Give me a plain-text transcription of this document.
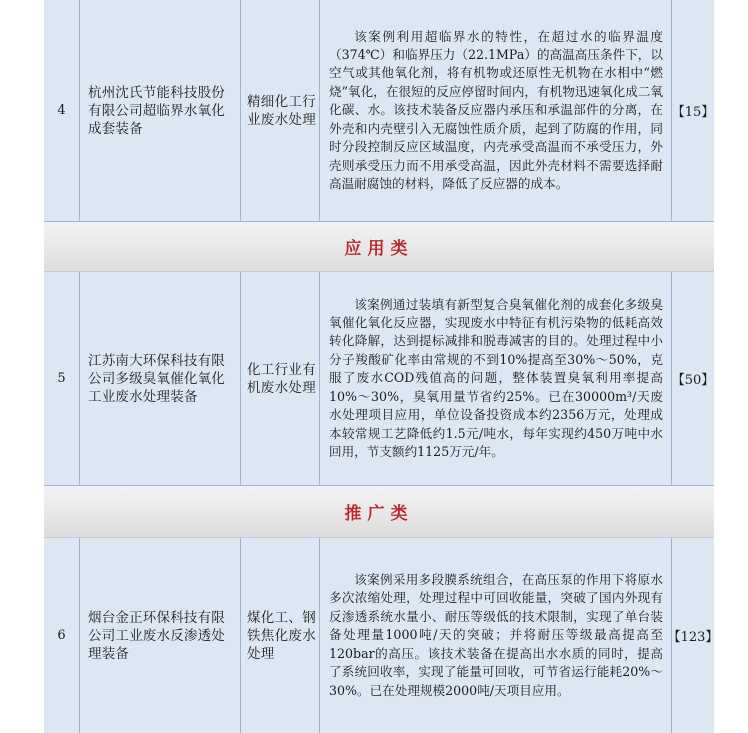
4
杭州沈氏节能科技股份有限公司超临界水氧化成套装备
精细化工行业废水处理

该案例利用超临界水的特性，在超过水的临界温度（374℃）和临界压力（22.1MPa）的高温高压条件下，以空气或其他氧化剂，将有机物或还原性无机物在水相中“燃烧”氧化，在很短的反应停留时间内，有机物迅速氧化成二氧化碳、水。该技术装备反应器内承压和承温部件的分离，在外壳和内壳壁引入无腐蚀性质介质，起到了防腐的作用，同时分段控制反应区域温度，内壳承受高温而不承受压力，外壳则承受压力而不用承受高温，因此外壳材料不需要选择耐高温耐腐蚀的材料，降低了反应器的成本。

【15】
应用类
5
江苏南大环保科技有限公司多级臭氧催化氧化工业废水处理装备
化工行业有机废水处理

该案例通过装填有新型复合臭氧催化剂的成套化多级臭氧催化氧化反应器，实现废水中特征有机污染物的低耗高效转化降解，达到提标减排和脱毒减害的目的。处理过程中小分子羧酸矿化率由常规的不到10%提高至30%～50%，克服了废水COD残值高的问题，整体装置臭氧利用率提高10%～30%，臭氧用量节省约25%。已在30000m³/天废水处理项目应用，单位设备投资成本约2356万元，处理成本较常规工艺降低约1.5元/吨水，每年实现约450万吨中水回用，节支额约1125万元/年。

【50】
推广类
6
烟台金正环保科技有限公司工业废水反渗透处理装备
煤化工、钢铁焦化废水处理

该案例采用多段膜系统组合，在高压泵的作用下将原水多次浓缩处理，处理过程中可回收能量，突破了国内外现有反渗透系统水量小、耐压等级低的技术限制，实现了单台装备处理量1000吨/天的突破；并将耐压等级最高提高至120bar的高压。该技术装备在提高出水水质的同时，提高了系统回收率，实现了能量可回收，可节省运行能耗20%～30%。已在处理规模2000吨/天项目应用。

【123】
